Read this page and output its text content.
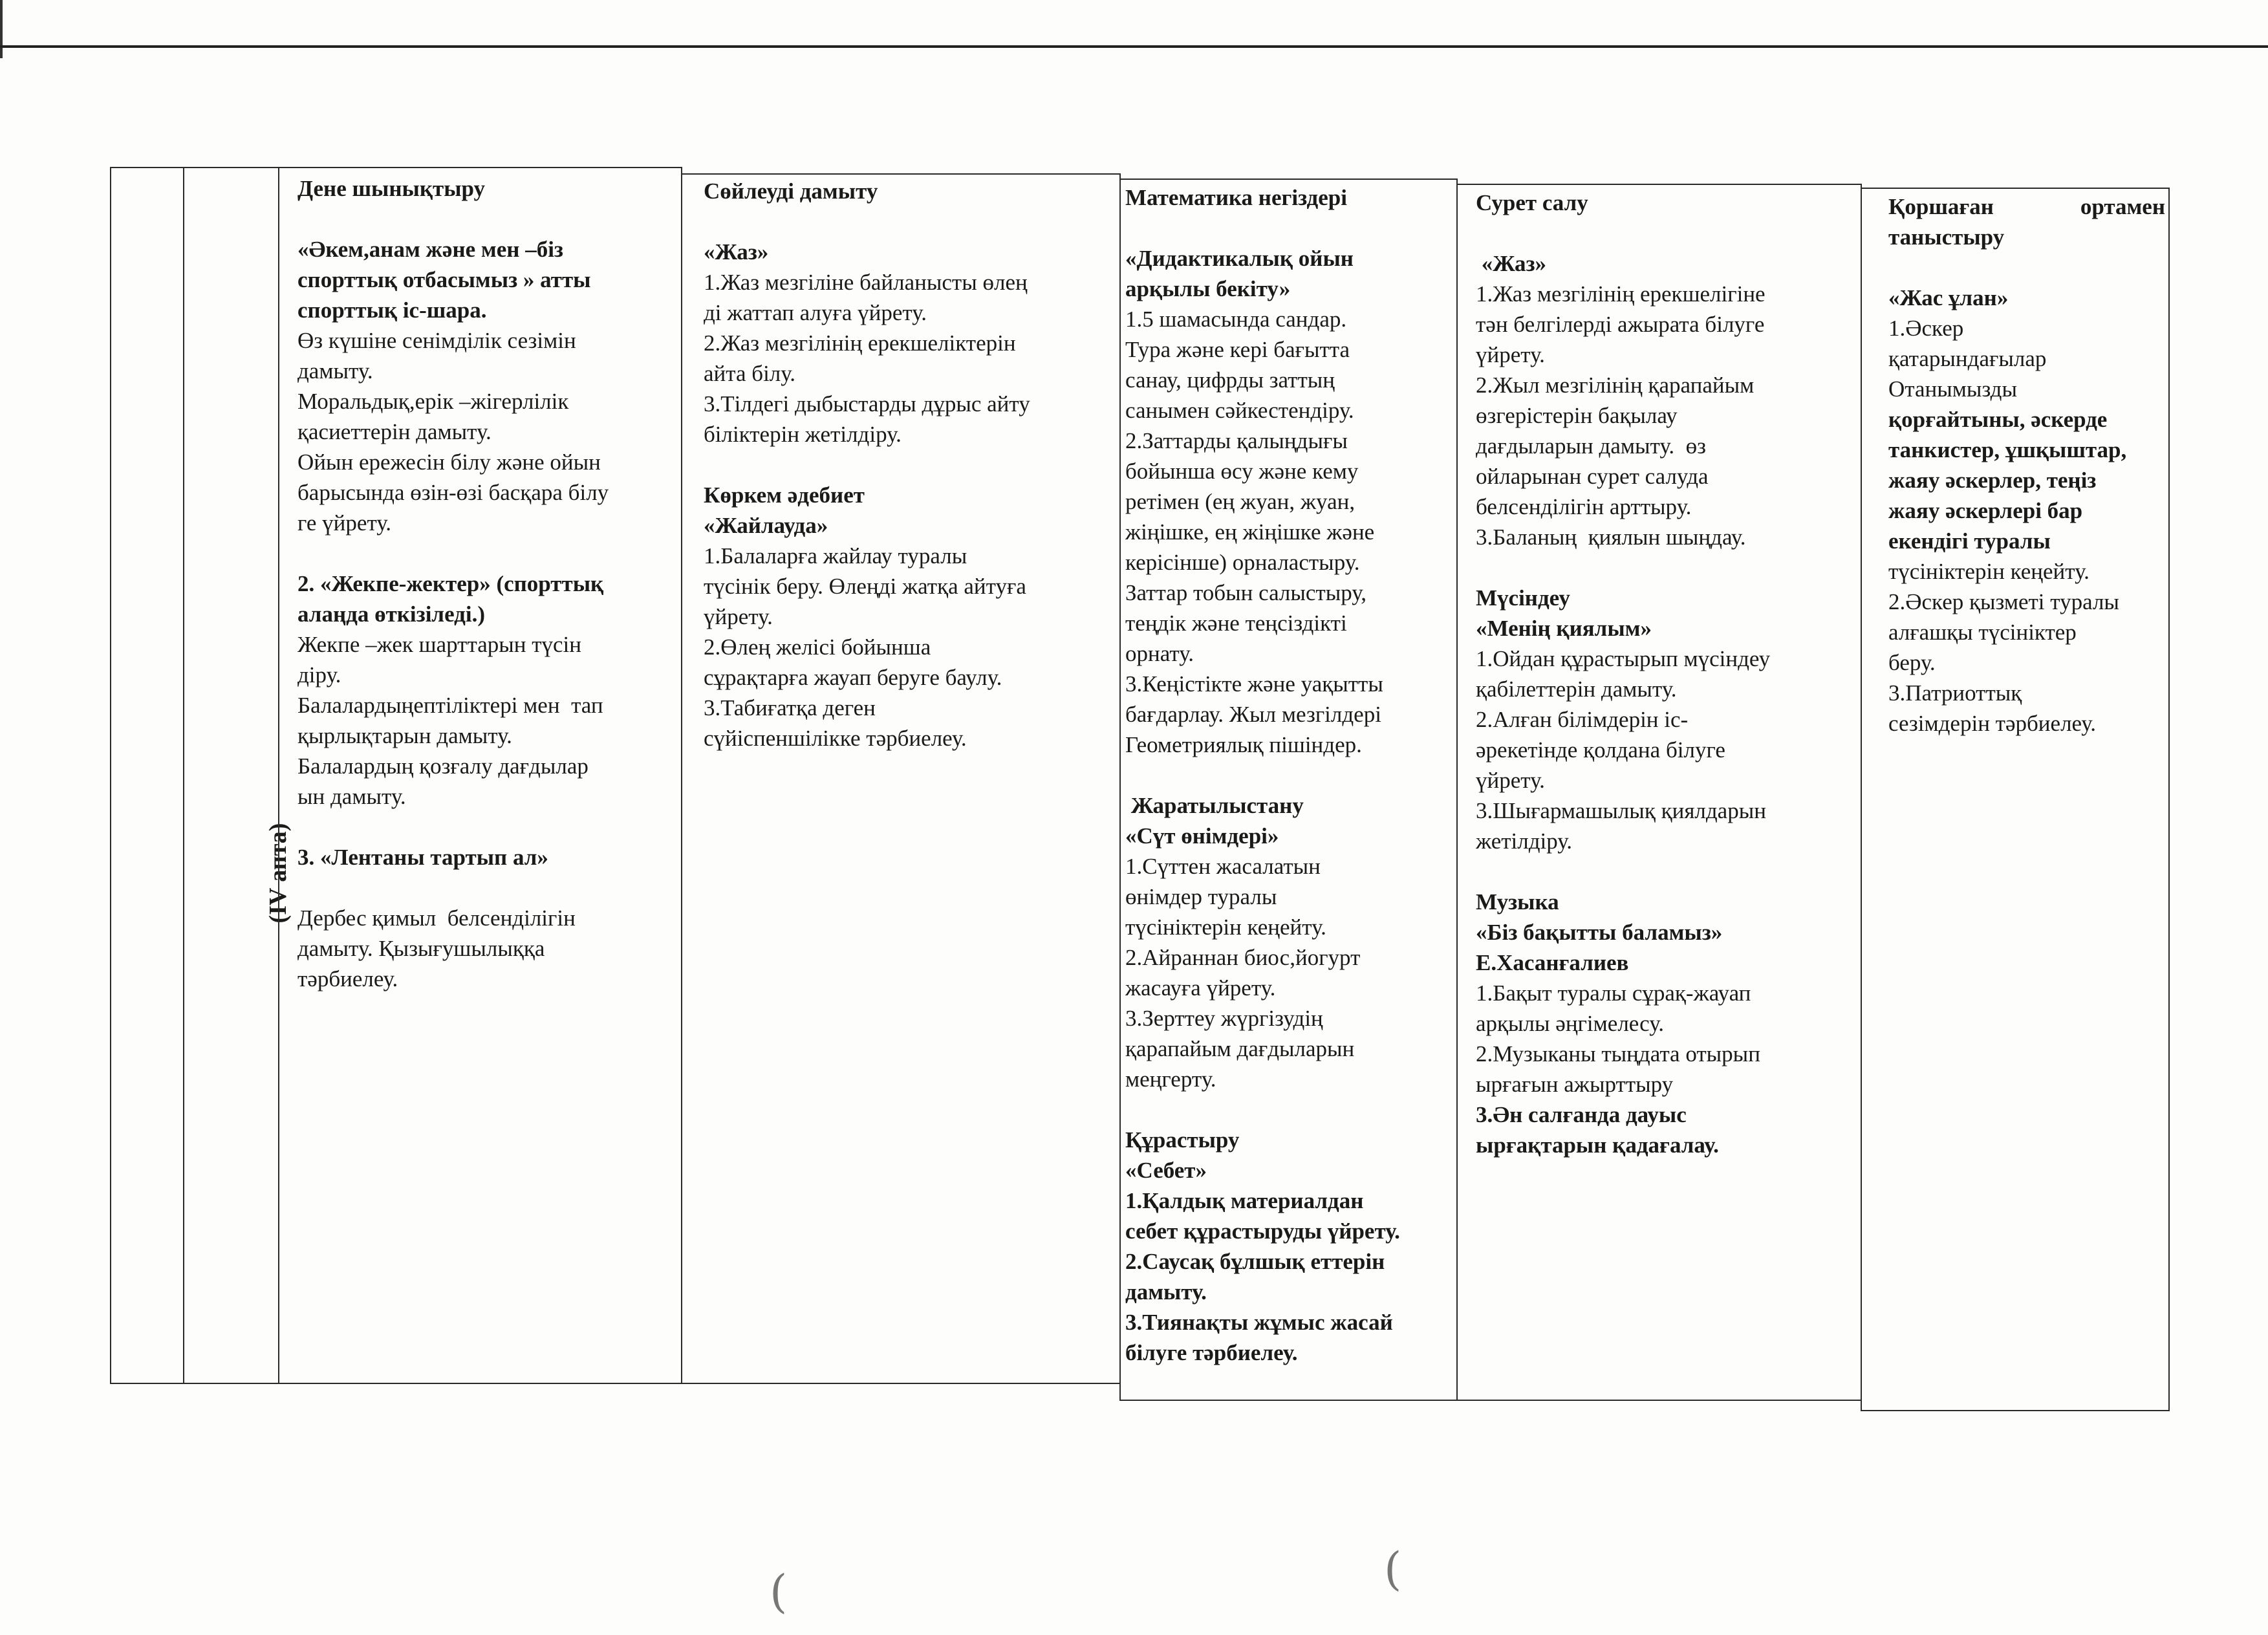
(IV апта)

Дене шынықтыру

«Әкем,анам және мен –біз

спорттық отбасымыз » атты

спорттық іс-шара.

Өз күшіне сенімділік сезімін

дамыту.

Моральдық,ерік –жігерлілік

қасиеттерін дамыту.

Ойын ережесін білу және ойын

барысында өзін-өзі басқара білу

ге үйрету.

2. «Жекпе-жектер» (спорттық

алаңда өткізіледі.)

Жекпе –жек шарттарын түсін

діру.

Балалардыңептіліктері мен  тап

қырлықтарын дамыту.

Балалардың қозғалу дағдылар

ын дамыту.

3. «Лентаны тартып ал»

Дербес қимыл  белсенділігін

дамыту. Қызығушылыққа

тәрбиелеу.

Сөйлеуді дамыту

«Жаз»

1.Жаз мезгіліне байланысты өлең

ді жаттап алуға үйрету.

2.Жаз мезгілінің ерекшеліктерін

айта білу.

3.Тілдегі дыбыстарды дұрыс айту

біліктерін жетілдіру.

Көркем әдебиет

«Жайлауда»

1.Балаларға жайлау туралы

түсінік беру. Өлеңді жатқа айтуға

үйрету.

2.Өлең желісі бойынша

сұрақтарға жауап беруге баулу.

3.Табиғатқа деген

сүйіспеншілікке тәрбиелеу.

Математика негіздері

«Дидактикалық ойын

арқылы бекіту»

1.5 шамасында сандар.

Тура және кері бағытта

санау, цифрды заттың

санымен сәйкестендіру.

2.Заттарды қалыңдығы

бойынша өсу және кему

ретімен (ең жуан, жуан,

жіңішке, ең жіңішке және

керісінше) орналастыру.

Заттар тобын салыстыру,

теңдік және теңсіздікті

орнату.

3.Кеңістікте және уақытты

бағдарлау. Жыл мезгілдері

Геометриялық пішіндер.

Жаратылыстану

«Сүт өнімдері»

1.Сүттен жасалатын

өнімдер туралы

түсініктерін кеңейту.

2.Айраннан биос,йогурт

жасауға үйрету.

3.Зерттеу жүргізудің

қарапайым дағдыларын

меңгерту.

Құрастыру

«Себет»

1.Қалдық материалдан

себет құрастыруды үйрету.

2.Саусақ бұлшық еттерін

дамыту.

3.Тиянақты жұмыс жасай

білуге тәрбиелеу.

Сурет салу

«Жаз»

1.Жаз мезгілінің ерекшелігіне

тән белгілерді ажырата білуге

үйрету.

2.Жыл мезгілінің қарапайым

өзгерістерін бақылау

дағдыларын дамыту.  өз

ойларынан сурет салуда

белсенділігін арттыру.

3.Баланың  қиялын шыңдау.

Мүсіндеу

«Менің қиялым»

1.Ойдан құрастырып мүсіндеу

қабілеттерін дамыту.

2.Алған білімдерін іс-

әрекетінде қолдана білуге

үйрету.

3.Шығармашылық қиялдарын

жетілдіру.

Музыка

«Біз бақытты баламыз»

Е.Хасанғалиев

1.Бақыт туралы сұрақ-жауап

арқылы әңгімелесу.

2.Музыканы тыңдата отырып

ырғағын ажырттыру

3.Ән салғанда дауыс

ырғақтарын қадағалау.

Қоршаған	ортамен

таныстыру

«Жас ұлан»

1.Әскер

қатарындағылар

Отанымызды

қорғайтыны, әскерде

танкистер, ұшқыштар,

жаяу әскерлер, теңіз

жаяу әскерлері бар

екендігі туралы

түсініктерін кеңейту.

2.Әскер қызметі туралы

алғашқы түсініктер

беру.

3.Патриоттық

сезімдерін тәрбиелеу.

(	(
